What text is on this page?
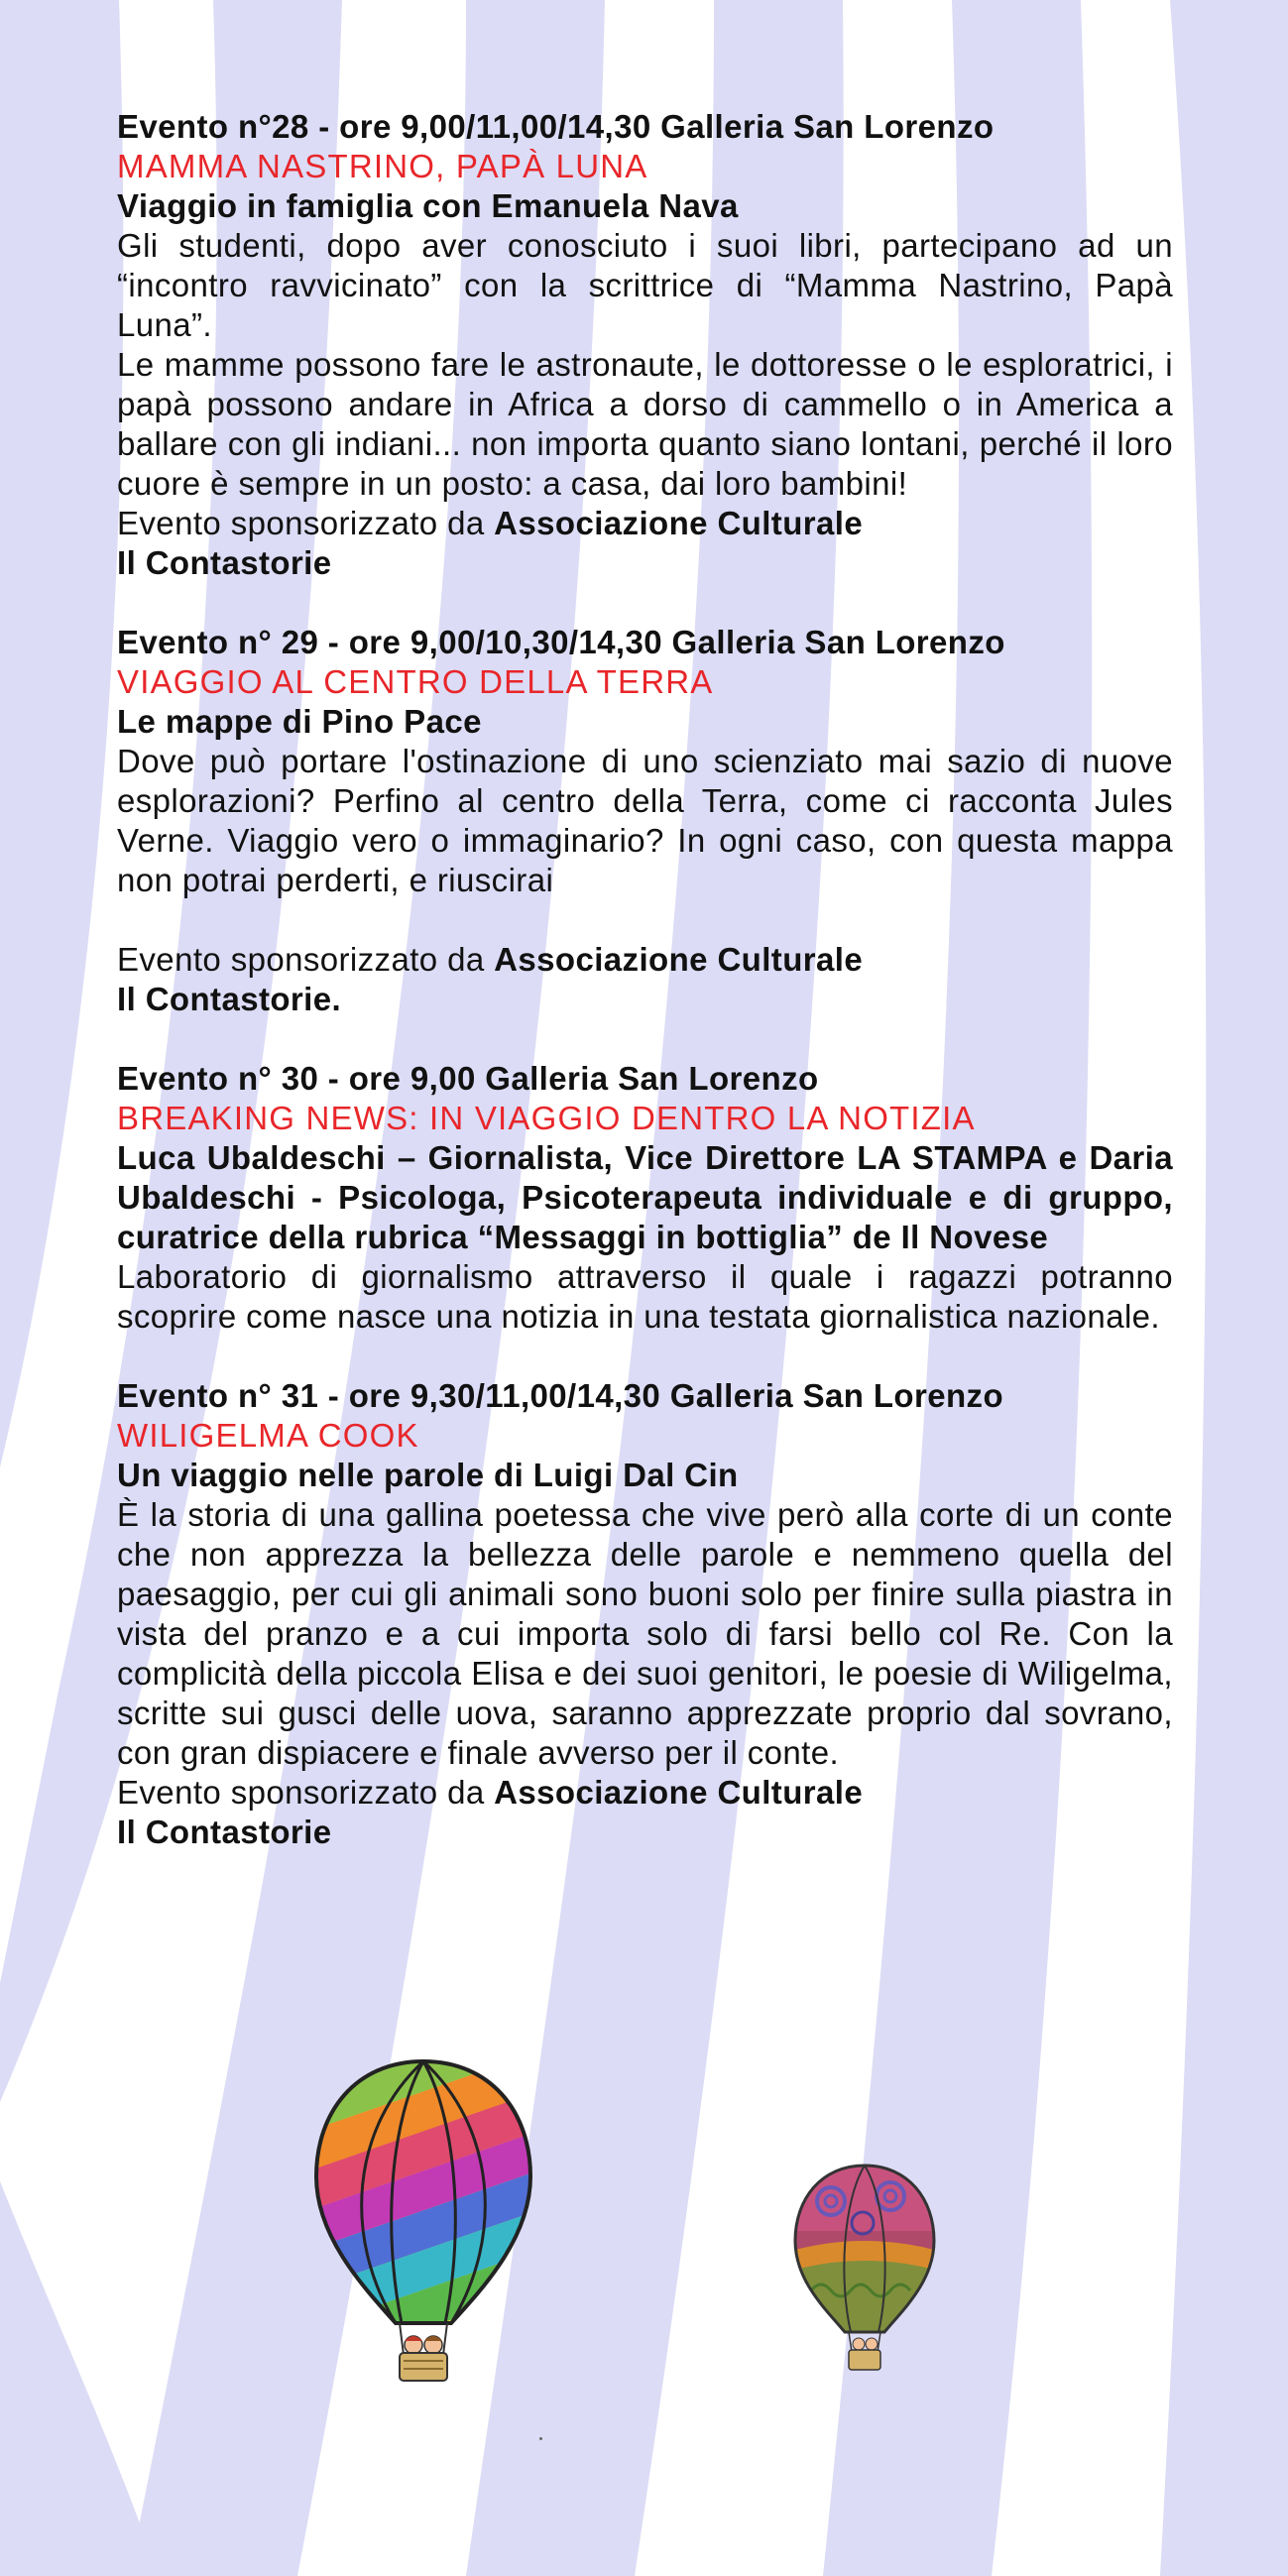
Evento n°28 - ore 9,00/11,00/14,30 Galleria San Lorenzo
MAMMA NASTRINO, PAPÀ LUNA
Viaggio in famiglia con Emanuela Nava
Gli studenti, dopo aver conosciuto i suoi libri, partecipano ad un “incontro ravvicinato” con la scrittrice di “Mamma Nastrino, Papà Luna”.
Le mamme possono fare le astronaute, le dottoresse o le esploratrici, i papà possono andare in Africa a dorso di cammello o in America a ballare con gli indiani... non importa quanto siano lontani, perché il loro cuore è sempre in un posto: a casa, dai loro bambini!
Evento sponsorizzato da Associazione Culturale
Il Contastorie
Evento n° 29 - ore 9,00/10,30/14,30 Galleria San Lorenzo
VIAGGIO AL CENTRO DELLA TERRA
Le mappe di Pino Pace
Dove può portare l'ostinazione di uno scienziato mai sazio di nuove esplorazioni? Perfino al centro della Terra, come ci racconta Jules Verne. Viaggio vero o immaginario? In ogni caso, con questa mappa non potrai perderti, e riuscirai
Evento sponsorizzato da Associazione Culturale
Il Contastorie.
Evento n° 30 - ore 9,00 Galleria San Lorenzo
BREAKING NEWS: IN VIAGGIO DENTRO LA NOTIZIA
Luca Ubaldeschi – Giornalista, Vice Direttore LA STAMPA e Daria Ubaldeschi - Psicologa, Psicoterapeuta individuale e di gruppo, curatrice della rubrica “Messaggi in bottiglia” de Il Novese
Laboratorio di giornalismo attraverso il quale i ragazzi potranno scoprire come nasce una notizia in una testata giornalistica nazionale.
Evento n° 31 - ore 9,30/11,00/14,30 Galleria San Lorenzo
WILIGELMA COOK
Un viaggio nelle parole di Luigi Dal Cin
È la storia di una gallina poetessa che vive però alla corte di un conte che non apprezza la bellezza delle parole e nemmeno quella del paesaggio, per cui gli animali sono buoni solo per finire sulla piastra in vista del pranzo e a cui importa solo di farsi bello col Re. Con la complicità della piccola Elisa e dei suoi genitori, le poesie di Wiligelma, scritte sui gusci delle uova, saranno apprezzate proprio dal sovrano, con gran dispiacere e finale avverso per il conte.
Evento sponsorizzato da Associazione Culturale
Il Contastorie
